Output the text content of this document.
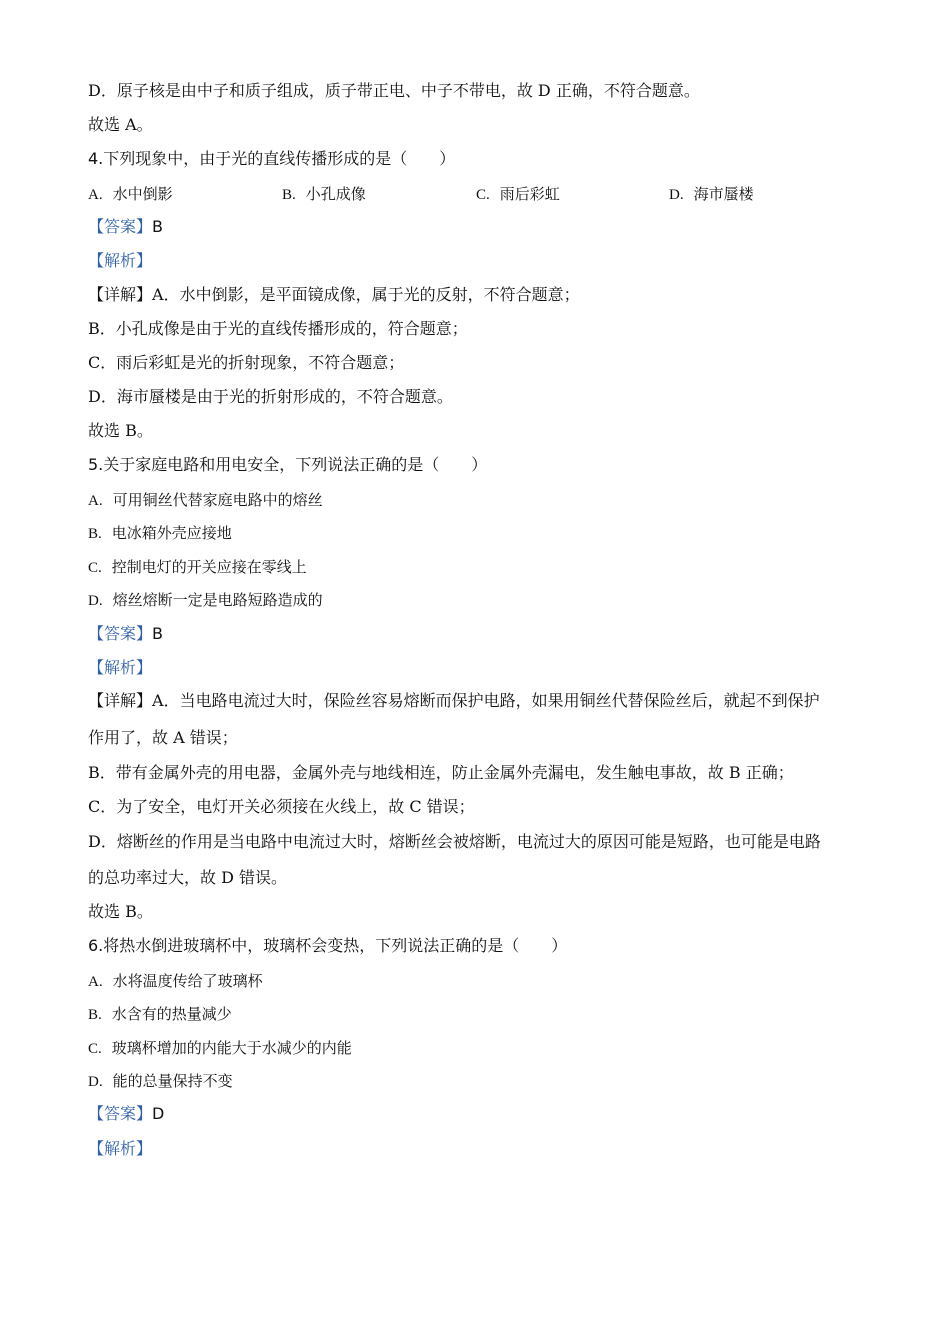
D．原子核是由中子和质子组成，质子带正电、中子不带电，故 D 正确，不符合题意。
故选 A。
4.下列现象中，由于光的直线传播形成的是（　　）
A. 水中倒影	B. 小孔成像	C. 雨后彩虹	D. 海市蜃楼
【答案】B
【解析】
【详解】A．水中倒影，是平面镜成像，属于光的反射，不符合题意；
B．小孔成像是由于光的直线传播形成的，符合题意；
C．雨后彩虹是光的折射现象，不符合题意；
D．海市蜃楼是由于光的折射形成的，不符合题意。
故选 B。
5.关于家庭电路和用电安全，下列说法正确的是（　　）
A. 可用铜丝代替家庭电路中的熔丝
B. 电冰箱外壳应接地
C. 控制电灯的开关应接在零线上
D. 熔丝熔断一定是电路短路造成的
【答案】B
【解析】
【详解】A．当电路电流过大时，保险丝容易熔断而保护电路，如果用铜丝代替保险丝后，就起不到保护
作用了，故 A 错误；
B．带有金属外壳的用电器，金属外壳与地线相连，防止金属外壳漏电，发生触电事故，故 B 正确；
C．为了安全，电灯开关必须接在火线上，故 C 错误；
D．熔断丝的作用是当电路中电流过大时，熔断丝会被熔断，电流过大的原因可能是短路，也可能是电路
的总功率过大，故 D 错误。
故选 B。
6.将热水倒进玻璃杯中，玻璃杯会变热，下列说法正确的是（　　）
A. 水将温度传给了玻璃杯
B. 水含有的热量减少
C. 玻璃杯增加的内能大于水减少的内能
D. 能的总量保持不变
【答案】D
【解析】
